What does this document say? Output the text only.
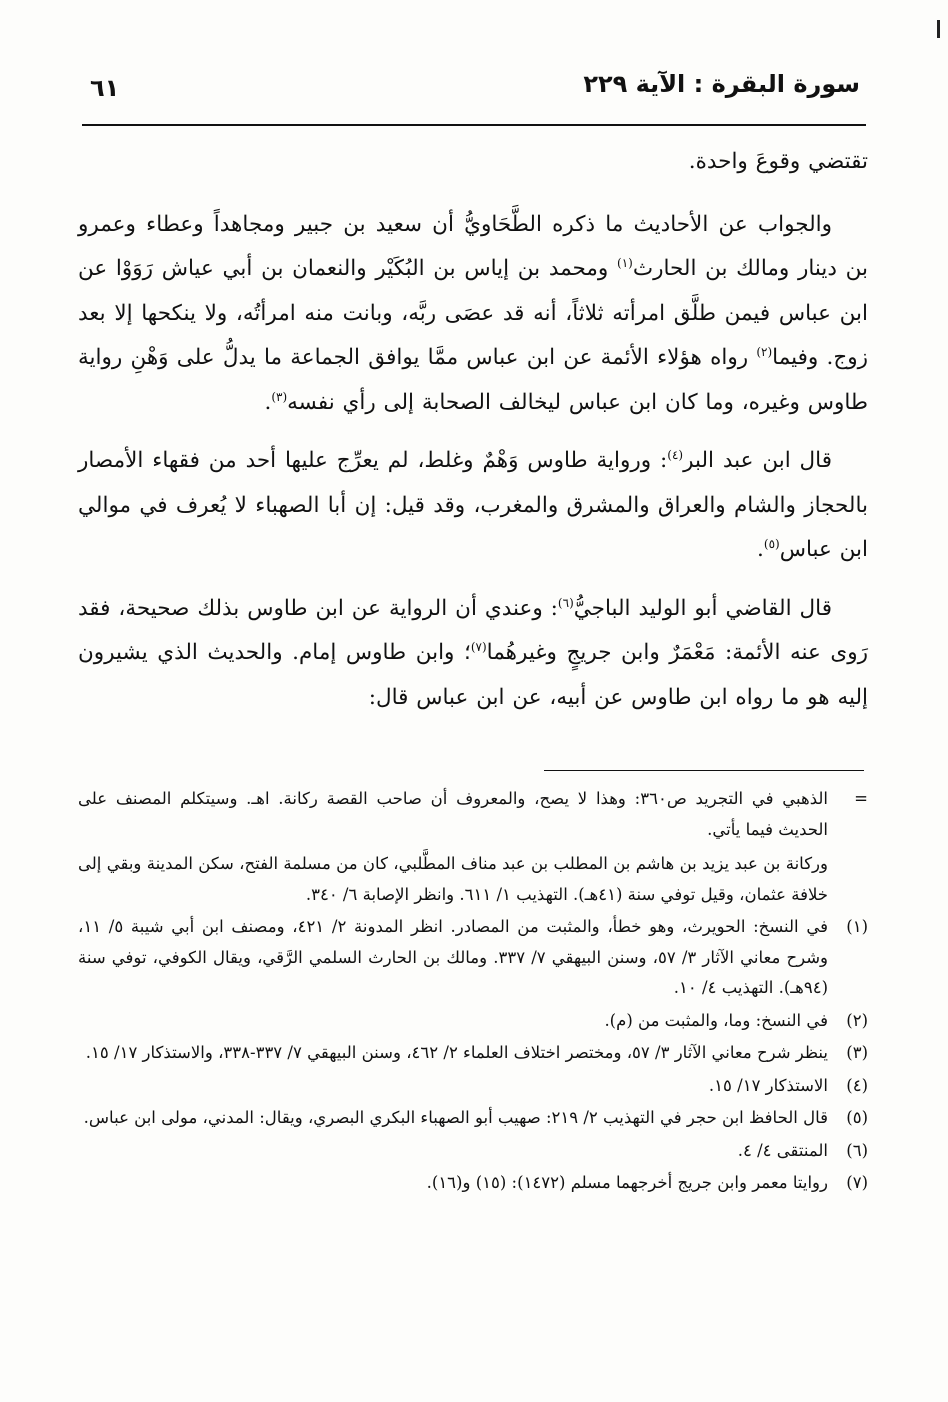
سورة البقرة : الآية ٢٢٩
٦١

تقتضي وقوعَ واحدة.

والجواب عن الأحاديث ما ذكره الطَّحَاويُّ أن سعيد بن جبير ومجاهداً وعطاء وعمرو بن دينار ومالك بن الحارث$^{(١)}$ ومحمد بن إياس بن البُكَيْر والنعمان بن أبي عياش رَوَوْا عن ابن عباس فيمن طلَّق امرأته ثلاثاً، أنه قد عصَى ربَّه، وبانت منه امرأتُه، ولا ينكحها إلا بعد زوج. وفيما$^{(٢)}$ رواه هؤلاء الأئمة عن ابن عباس ممَّا يوافق الجماعة ما يدلُّ على وَهْنِ رواية طاوس وغيره، وما كان ابن عباس ليخالف الصحابة إلى رأي نفسه$^{(٣)}$.

قال ابن عبد البر$^{(٤)}$: ورواية طاوس وَهْمٌ وغلط، لم يعرِّج عليها أحد من فقهاء الأمصار بالحجاز والشام والعراق والمشرق والمغرب، وقد قيل: إن أبا الصهباء لا يُعرف في موالي ابن عباس$^{(٥)}$.

قال القاضي أبو الوليد الباجيُّ$^{(٦)}$: وعندي أن الرواية عن ابن طاوس بذلك صحيحة، فقد رَوى عنه الأئمة: مَعْمَرٌ وابن جريجٍ وغيرهُما$^{(٧)}$؛ وابن طاوس إمام. والحديث الذي يشيرون إليه هو ما رواه ابن طاوس عن أبيه، عن ابن عباس قال:

=
الذهبي في التجريد ص٣٦٠: وهذا لا يصح، والمعروف أن صاحب القصة ركانة. اهـ. وسيتكلم المصنف على الحديث فيما يأتي.
وركانة بن عبد يزيد بن هاشم بن المطلب بن عبد مناف المطَّلبي، كان من مسلمة الفتح، سكن المدينة وبقي إلى خلافة عثمان، وقيل توفي سنة (٤١هـ). التهذيب ١/ ٦١١. وانظر الإصابة ٦/ ٣٤٠.
(١)
في النسخ: الحويرث، وهو خطأ، والمثبت من المصادر. انظر المدونة ٢/ ٤٢١، ومصنف ابن أبي شيبة ٥/ ١١، وشرح معاني الآثار ٣/ ٥٧، وسنن البيهقي ٧/ ٣٣٧. ومالك بن الحارث السلمي الرَّقي، ويقال الكوفي، توفي سنة (٩٤هـ). التهذيب ٤/ ١٠.
(٢)
في النسخ: وما، والمثبت من (م).
(٣)
ينظر شرح معاني الآثار ٣/ ٥٧، ومختصر اختلاف العلماء ٢/ ٤٦٢، وسنن البيهقي ٧/ ٣٣٧-٣٣٨، والاستذكار ١٧/ ١٥.
(٤)
الاستذكار ١٧/ ١٥.
(٥)
قال الحافظ ابن حجر في التهذيب ٢/ ٢١٩: صهيب أبو الصهباء البكري البصري، ويقال: المدني، مولى ابن عباس.
(٦)
المنتقى ٤/ ٤.
(٧)
روايتا معمر وابن جريج أخرجهما مسلم (١٤٧٢): (١٥) و(١٦).
